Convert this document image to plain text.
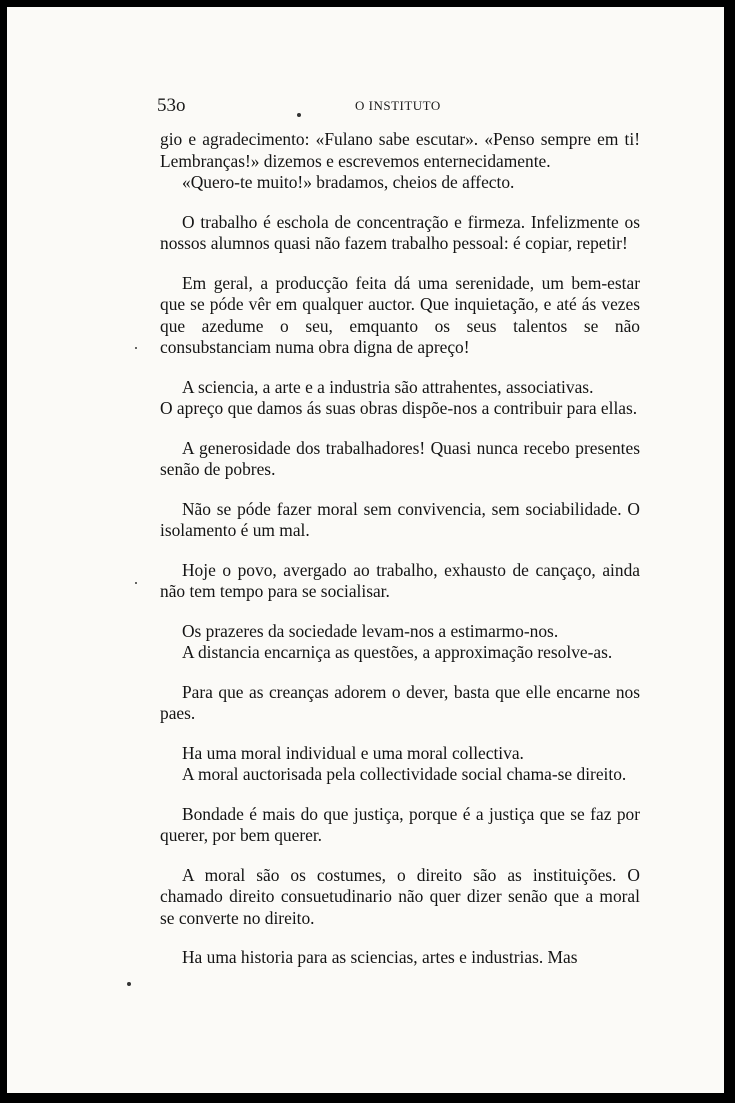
53o	O INSTITUTO

gio e agradecimento: «Fulano sabe escutar». «Penso sempre em ti! Lembranças!» dizemos e escrevemos enternecidamente.

«Quero-te muito!» bradamos, cheios de affecto.

O trabalho é eschola de concentração e firmeza. Infelizmente os nossos alumnos quasi não fazem trabalho pessoal: é copiar, repetir!

Em geral, a producção feita dá uma serenidade, um bem-estar que se póde vêr em qualquer auctor. Que inquietação, e até ás vezes que azedume o seu, emquanto os seus talentos se não consubstanciam numa obra digna de apreço!

A sciencia, a arte e a industria são attrahentes, associativas.

O apreço que damos ás suas obras dispõe-nos a contribuir para ellas.

A generosidade dos trabalhadores! Quasi nunca recebo presentes senão de pobres.

Não se póde fazer moral sem convivencia, sem sociabilidade. O isolamento é um mal.

Hoje o povo, avergado ao trabalho, exhausto de cançaço, ainda não tem tempo para se socialisar.

Os prazeres da sociedade levam-nos a estimarmo-nos.

A distancia encarniça as questões, a approximação resolve-as.

Para que as creanças adorem o dever, basta que elle encarne nos paes.

Ha uma moral individual e uma moral collectiva.

A moral auctorisada pela collectividade social chama-se direito.

Bondade é mais do que justiça, porque é a justiça que se faz por querer, por bem querer.

A moral são os costumes, o direito são as instituições. O chamado direito consuetudinario não quer dizer senão que a moral se converte no direito.

Ha uma historia para as sciencias, artes e industrias. Mas
